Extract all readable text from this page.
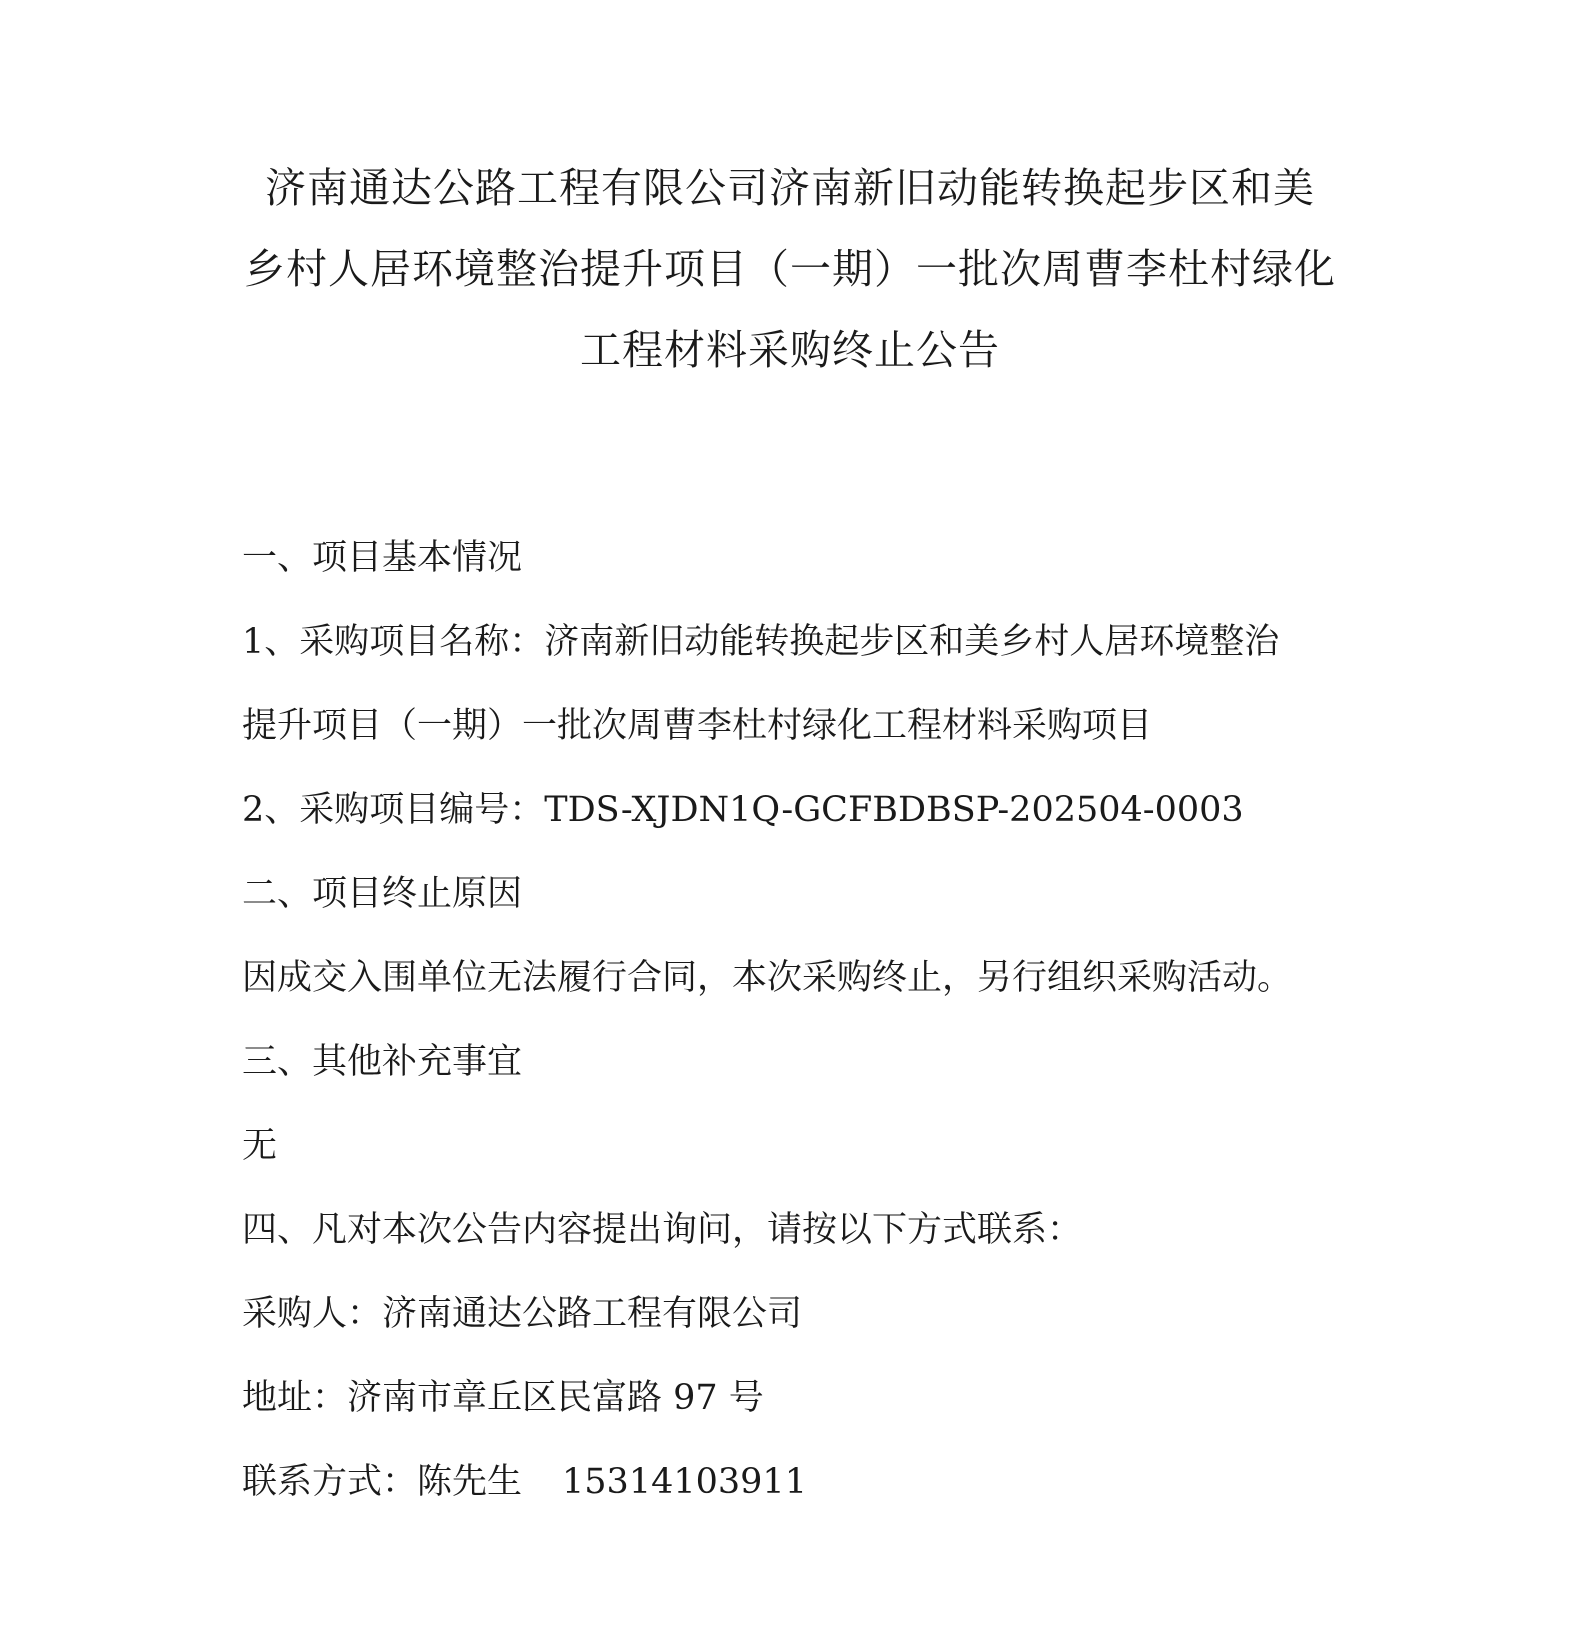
济南通达公路工程有限公司济南新旧动能转换起步区和美
乡村人居环境整治提升项目（一期）一批次周曹李杜村绿化
工程材料采购终止公告

一、项目基本情况

1、采购项目名称：济南新旧动能转换起步区和美乡村人居环境整治

提升项目（一期）一批次周曹李杜村绿化工程材料采购项目

2、采购项目编号：TDS-XJDN1Q-GCFBDBSP-202504-0003

二、项目终止原因

因成交入围单位无法履行合同，本次采购终止，另行组织采购活动。

三、其他补充事宜

无

四、凡对本次公告内容提出询问，请按以下方式联系：

采购人：济南通达公路工程有限公司

地址：济南市章丘区民富路 97 号

联系方式：陈先生 15314103911
